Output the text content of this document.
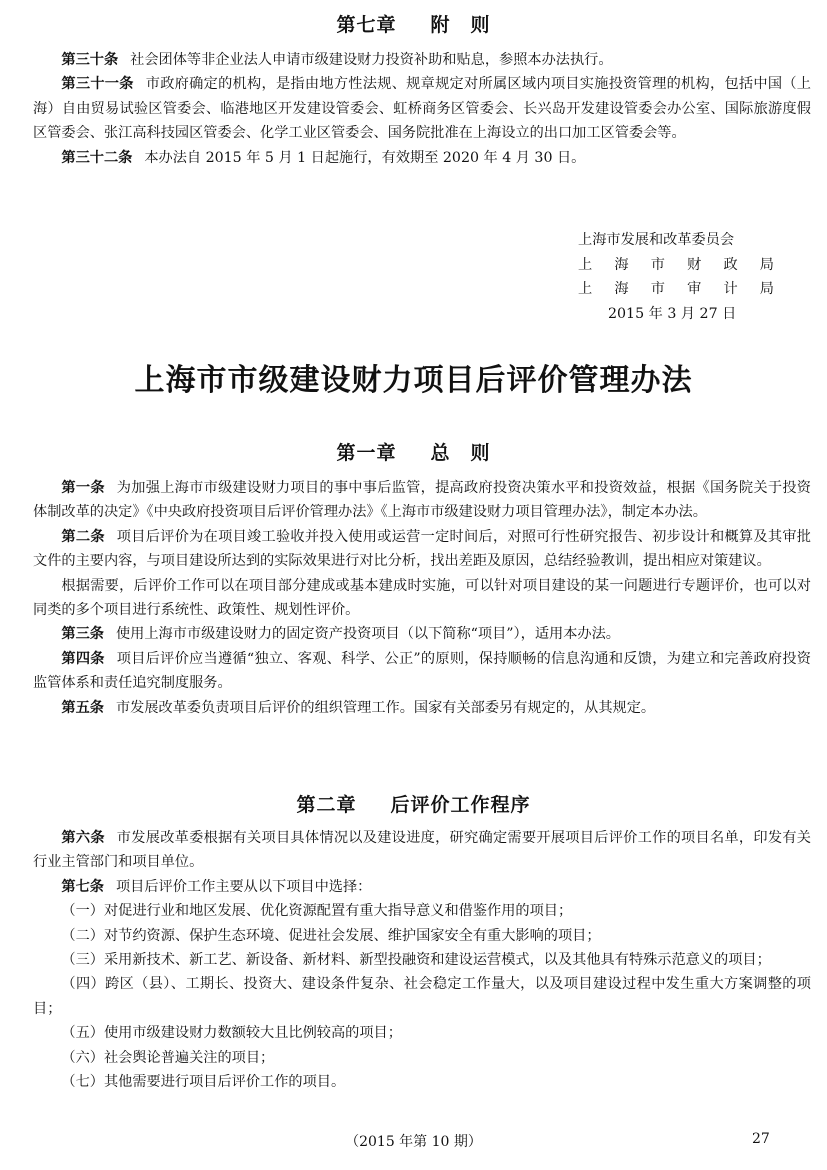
第七章 附　则

第三十条 社会团体等非企业法人申请市级建设财力投资补助和贴息，参照本办法执行。

第三十一条 市政府确定的机构，是指由地方性法规、规章规定对所属区域内项目实施投资管理的机构，包括中国（上海）自由贸易试验区管委会、临港地区开发建设管委会、虹桥商务区管委会、长兴岛开发建设管委会办公室、国际旅游度假区管委会、张江高科技园区管委会、化学工业区管委会、国务院批准在上海设立的出口加工区管委会等。

第三十二条 本办法自 2015 年 5 月 1 日起施行，有效期至 2020 年 4 月 30 日。

上海市发展和改革委员会
上海市财政局
上海市审计局
2015 年 3 月 27 日
上海市市级建设财力项目后评价管理办法
第一章 总　则

第一条 为加强上海市市级建设财力项目的事中事后监管，提高政府投资决策水平和投资效益，根据《国务院关于投资体制改革的决定》《中央政府投资项目后评价管理办法》《上海市市级建设财力项目管理办法》，制定本办法。

第二条 项目后评价为在项目竣工验收并投入使用或运营一定时间后，对照可行性研究报告、初步设计和概算及其审批文件的主要内容，与项目建设所达到的实际效果进行对比分析，找出差距及原因，总结经验教训，提出相应对策建议。

根据需要，后评价工作可以在项目部分建成或基本建成时实施，可以针对项目建设的某一问题进行专题评价，也可以对同类的多个项目进行系统性、政策性、规划性评价。

第三条 使用上海市市级建设财力的固定资产投资项目（以下简称“项目”），适用本办法。

第四条 项目后评价应当遵循“独立、客观、科学、公正”的原则，保持顺畅的信息沟通和反馈，为建立和完善政府投资监管体系和责任追究制度服务。

第五条 市发展改革委负责项目后评价的组织管理工作。国家有关部委另有规定的，从其规定。

第二章 后评价工作程序

第六条 市发展改革委根据有关项目具体情况以及建设进度，研究确定需要开展项目后评价工作的项目名单，印发有关行业主管部门和项目单位。

第七条 项目后评价工作主要从以下项目中选择：

（一）对促进行业和地区发展、优化资源配置有重大指导意义和借鉴作用的项目；

（二）对节约资源、保护生态环境、促进社会发展、维护国家安全有重大影响的项目；

（三）采用新技术、新工艺、新设备、新材料、新型投融资和建设运营模式，以及其他具有特殊示范意义的项目；

（四）跨区（县）、工期长、投资大、建设条件复杂、社会稳定工作量大，以及项目建设过程中发生重大方案调整的项目；

（五）使用市级建设财力数额较大且比例较高的项目；

（六）社会舆论普遍关注的项目；

（七）其他需要进行项目后评价工作的项目。

（2015 年第 10 期）	27
